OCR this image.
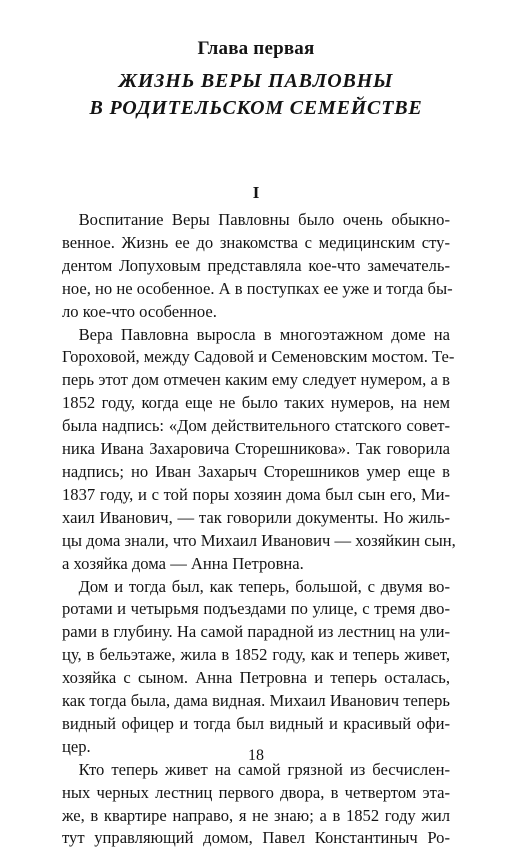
Глава первая
ЖИЗНЬ ВЕРЫ ПАВЛОВНЫ
В РОДИТЕЛЬСКОМ СЕМЕЙСТВЕ
I
 Воспитание Веры Павловны было очень обыкно-
венное. Жизнь ее до знакомства с медицинским сту-
дентом Лопуховым представляла кое-что замечатель-
ное, но не особенное. А в поступках ее уже и тогда бы-
ло кое-что особенное.
 Вера Павловна выросла в многоэтажном доме на
Гороховой, между Садовой и Семеновским мостом. Те-
перь этот дом отмечен каким ему следует нумером, а в
1852 году, когда еще не было таких нумеров, на нем
была надпись: «Дом действительного статского совет-
ника Ивана Захаровича Сторешникова». Так говорила
надпись; но Иван Захарыч Сторешников умер еще в
1837 году, и с той поры хозяин дома был сын его, Ми-
хаил Иванович, — так говорили документы. Но жиль-
цы дома знали, что Михаил Иванович — хозяйкин сын,
а хозяйка дома — Анна Петровна.
 Дом и тогда был, как теперь, большой, с двумя во-
ротами и четырьмя подъездами по улице, с тремя дво-
рами в глубину. На самой парадной из лестниц на ули-
цу, в бельэтаже, жила в 1852 году, как и теперь живет,
хозяйка с сыном. Анна Петровна и теперь осталась,
как тогда была, дама видная. Михаил Иванович теперь
видный офицер и тогда был видный и красивый офи-
цер.
 Кто теперь живет на самой грязной из бесчислен-
ных черных лестниц первого двора, в четвертом эта-
же, в квартире направо, я не знаю; а в 1852 году жил
тут управляющий домом, Павел Константиныч Ро-
18
